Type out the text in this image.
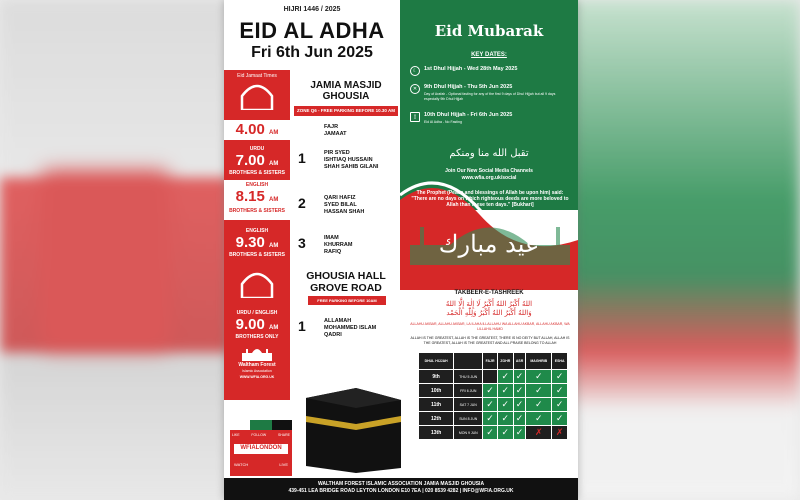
HIJRI 1446 / 2025
EID AL ADHA
Fri 6th Jun 2025
Eid Jamaat Times
4.00 AM
URDU
7.00 AM
BROTHERS & SISTERS
ENGLISH
8.15 AM
BROTHERS & SISTERS
ENGLISH
9.30 AM
BROTHERS & SISTERS
URDU / ENGLISH
9.00 AM
BROTHERS ONLY
Waltham Forest
Islamic Association
WWW.WFIA.ORG.UK
JAMIA MASJID
GHOUSIA
ZONE Q6 - FREE PARKING BEFORE 10.30 AM
FAJR
JAMAAT
1	PIR SYED
ISHTIAQ HUSSAIN
SHAH SAHIB GILANI
2	QARI HAFIZ
SYED BILAL
HASSAN SHAH
3	IMAM
KHURRAM
RAFIQ
GHOUSIA HALL
GROVE ROAD
FREE PARKING BEFORE 10AM
1	ALLAMAH
MOHAMMED ISLAM
QADRI
LIKE	FOLLOW	SHARE
WFIALONDON
WATCH	LIVE
Eid Mubarak
KEY DATES:
☾	1st Dhul Hijjah - Wed 28th May 2025
✕	9th Dhul Hijjah - Thu 5th Jun 2025
Day of Arafah - Optional fasting for any of the first 9 days of Dhul Hijjah but all 9 days especially 9th Dhul Hijjah
▯	10th Dhul Hijjah - Fri 6th Jun 2025
Eid Al Adha - No Fasting
تقبل الله منا ومنكم
Join Our New Social Media Channels
www.wfia.org.uk/social
The Prophet (Peace and blessings of Allah be upon him) said: "There are no days on which righteous deeds are more beloved to Allah than these ten days." [Bukhari]
عيد مبارك
TAKBEER-E-TASHREEK
اللهُ أَكْبَرُ اللهُ أَكْبَرُ لَا إِلٰهَ إِلَّا اللهُ
وَاللهُ أَكْبَرُ اللهُ أَكْبَرُ وَلِلّٰهِ الْحَمْد
ALLAHU AKBAR, ALLAHU AKBAR, LA ILAHA ILLALLAHU WA ALLAHU AKBAR, ALLAHU AKBAR, WA LILLAHIL HAMD
ALLAH IS THE GREATEST, ALLAH IS THE GREATEST, THERE IS NO DEITY BUT ALLAH, ALLAH IS THE GREATEST, ALLAH IS THE GREATEST AND ALL PRAISE BELONG TO ALLAH
DHUL HIJJAH		FAJR	ZOHR	ASR	MAGHRIB	ESHA
9th	THU 5 JUN		✓	✓	✓	✓
10th	FRI 6 JUN	✓	✓	✓	✓	✓
11th	SAT 7 JUN	✓	✓	✓	✓	✓
12th	SUN 8 JUN	✓	✓	✓	✓	✓
13th	MON 9 JUN	✓	✓	✓	✗	✗
WALTHAM FOREST ISLAMIC ASSOCIATION JAMIA MASJID GHOUSIA
439-451 LEA BRIDGE ROAD LEYTON LONDON E10 7EA | 020 8539 4282 | INFO@WFIA.ORG.UK
